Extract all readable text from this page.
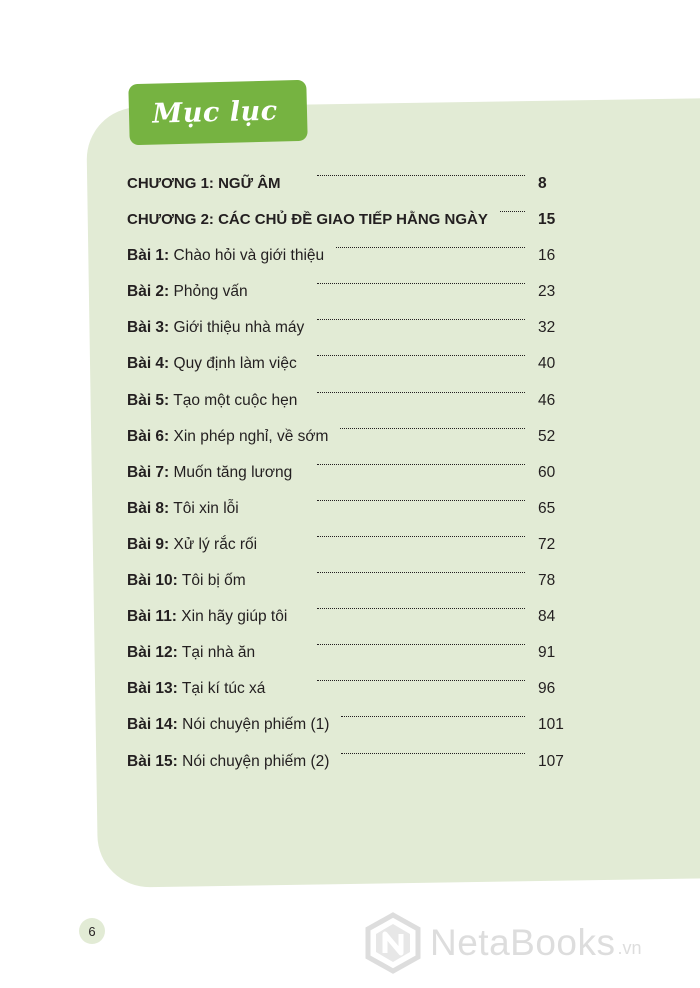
Mục lục
CHƯƠNG 1: NGỮ ÂM	8
CHƯƠNG 2: CÁC CHỦ ĐỀ GIAO TIẾP HẰNG NGÀY	15
Bài 1: Chào hỏi và giới thiệu	16
Bài 2: Phỏng vấn	23
Bài 3: Giới thiệu nhà máy	32
Bài 4: Quy định làm việc	40
Bài 5: Tạo một cuộc hẹn	46
Bài 6: Xin phép nghỉ, về sớm	52
Bài 7: Muốn tăng lương	60
Bài 8: Tôi xin lỗi	65
Bài 9: Xử lý rắc rối	72
Bài 10: Tôi bị ốm	78
Bài 11: Xin hãy giúp tôi	84
Bài 12: Tại nhà ăn	91
Bài 13: Tại kí túc xá	96
Bài 14: Nói chuyện phiếm (1)	101
Bài 15: Nói chuyện phiếm (2)	107
6	NetaBooks .vn
